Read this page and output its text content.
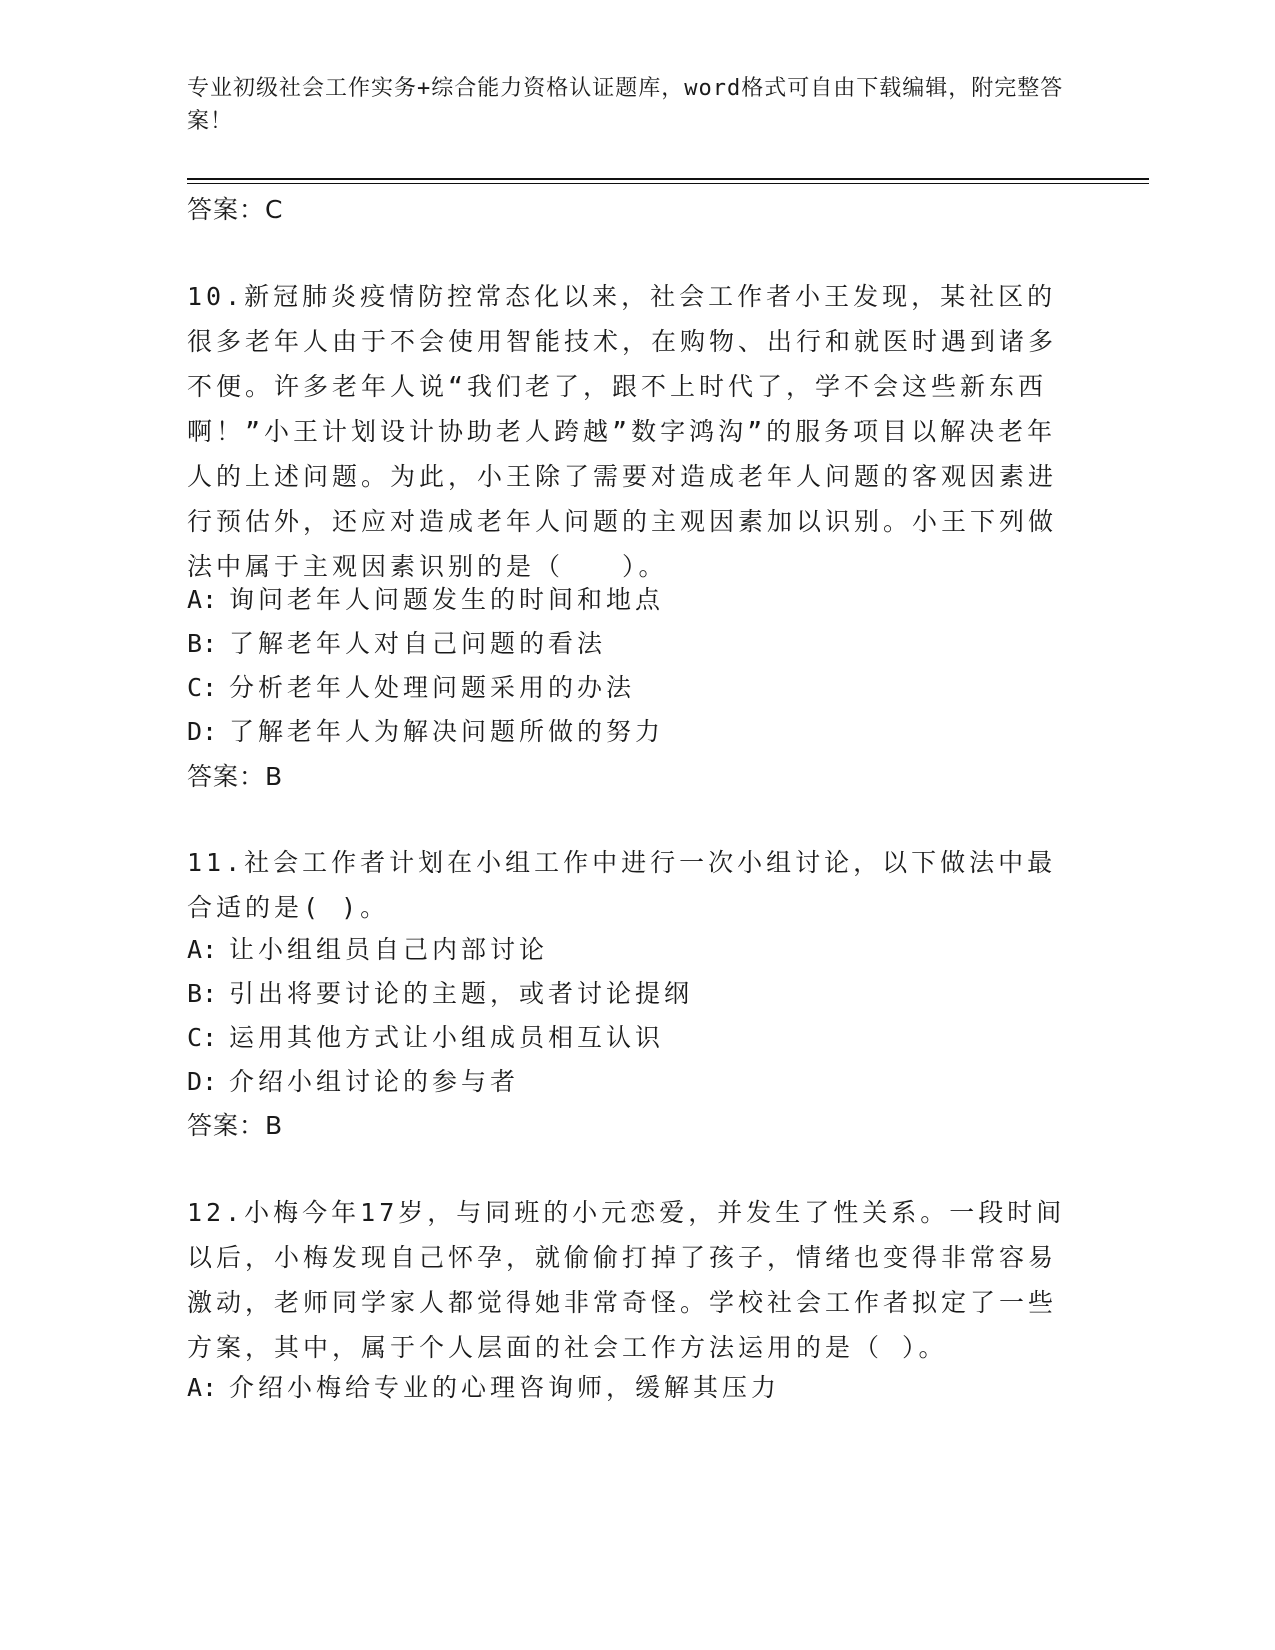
专业初级社会工作实务+综合能力资格认证题库，word格式可自由下载编辑，附完整答案！
答案：C

10.新冠肺炎疫情防控常态化以来，社会工作者小王发现，某社区的很多老年人由于不会使用智能技术，在购物、出行和就医时遇到诸多不便。许多老年人说“我们老了，跟不上时代了，学不会这些新东西啊！”小王计划设计协助老人跨越”数字鸿沟”的服务项目以解决老年人的上述问题。为此，小王除了需要对造成老年人问题的客观因素进行预估外，还应对造成老年人问题的主观因素加以识别。小王下列做法中属于主观因素识别的是（　　）。

A: 询问老年人问题发生的时间和地点
B: 了解老年人对自己问题的看法
C: 分析老年人处理问题采用的办法
D: 了解老年人为解决问题所做的努力
答案：B

11.社会工作者计划在小组工作中进行一次小组讨论，以下做法中最合适的是( )。

A: 让小组组员自己内部讨论
B: 引出将要讨论的主题，或者讨论提纲
C: 运用其他方式让小组成员相互认识
D: 介绍小组讨论的参与者
答案：B

12.小梅今年17岁，与同班的小元恋爱，并发生了性关系。一段时间以后，小梅发现自己怀孕，就偷偷打掉了孩子，情绪也变得非常容易激动，老师同学家人都觉得她非常奇怪。学校社会工作者拟定了一些方案，其中，属于个人层面的社会工作方法运用的是（ ）。

A: 介绍小梅给专业的心理咨询师，缓解其压力
